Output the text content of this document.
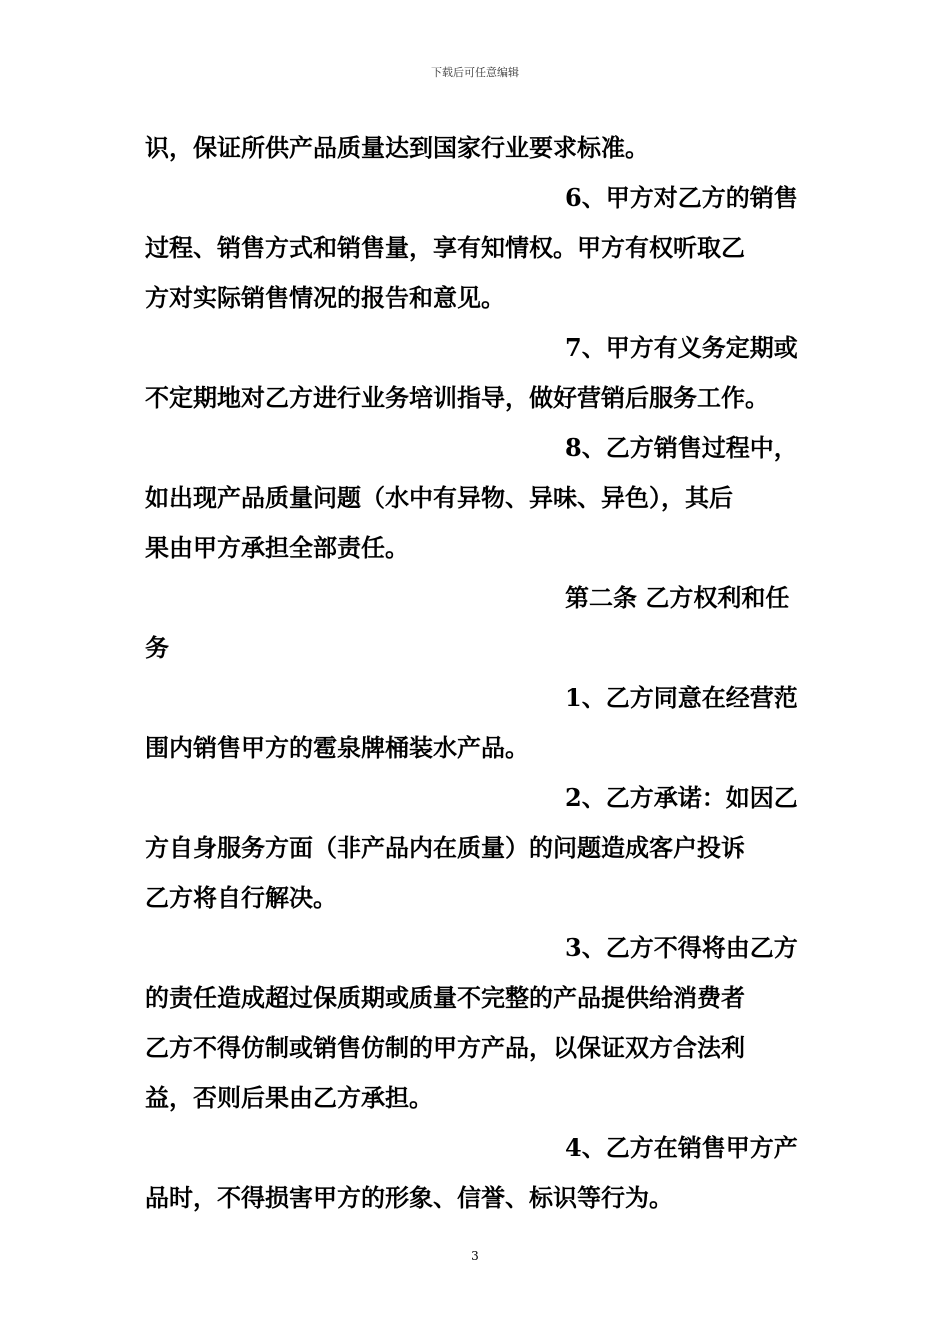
下载后可任意编辑
识，保证所供产品质量达到国家行业要求标准。
6、甲方对乙方的销售
过程、销售方式和销售量，享有知情权。甲方有权听取乙
方对实际销售情况的报告和意见。
7、甲方有义务定期或
不定期地对乙方进行业务培训指导，做好营销后服务工作。
8、乙方销售过程中，
如出现产品质量问题（水中有异物、异味、异色），其后
果由甲方承担全部责任。
第二条 乙方权利和任
务
1、乙方同意在经营范
围内销售甲方的雹泉牌桶装水产品。
2、乙方承诺：如因乙
方自身服务方面（非产品内在质量）的问题造成客户投诉
乙方将自行解决。
3、乙方不得将由乙方
的责任造成超过保质期或质量不完整的产品提供给消费者
乙方不得仿制或销售仿制的甲方产品，以保证双方合法利
益，否则后果由乙方承担。
4、乙方在销售甲方产
品时，不得损害甲方的形象、信誉、标识等行为。
3
